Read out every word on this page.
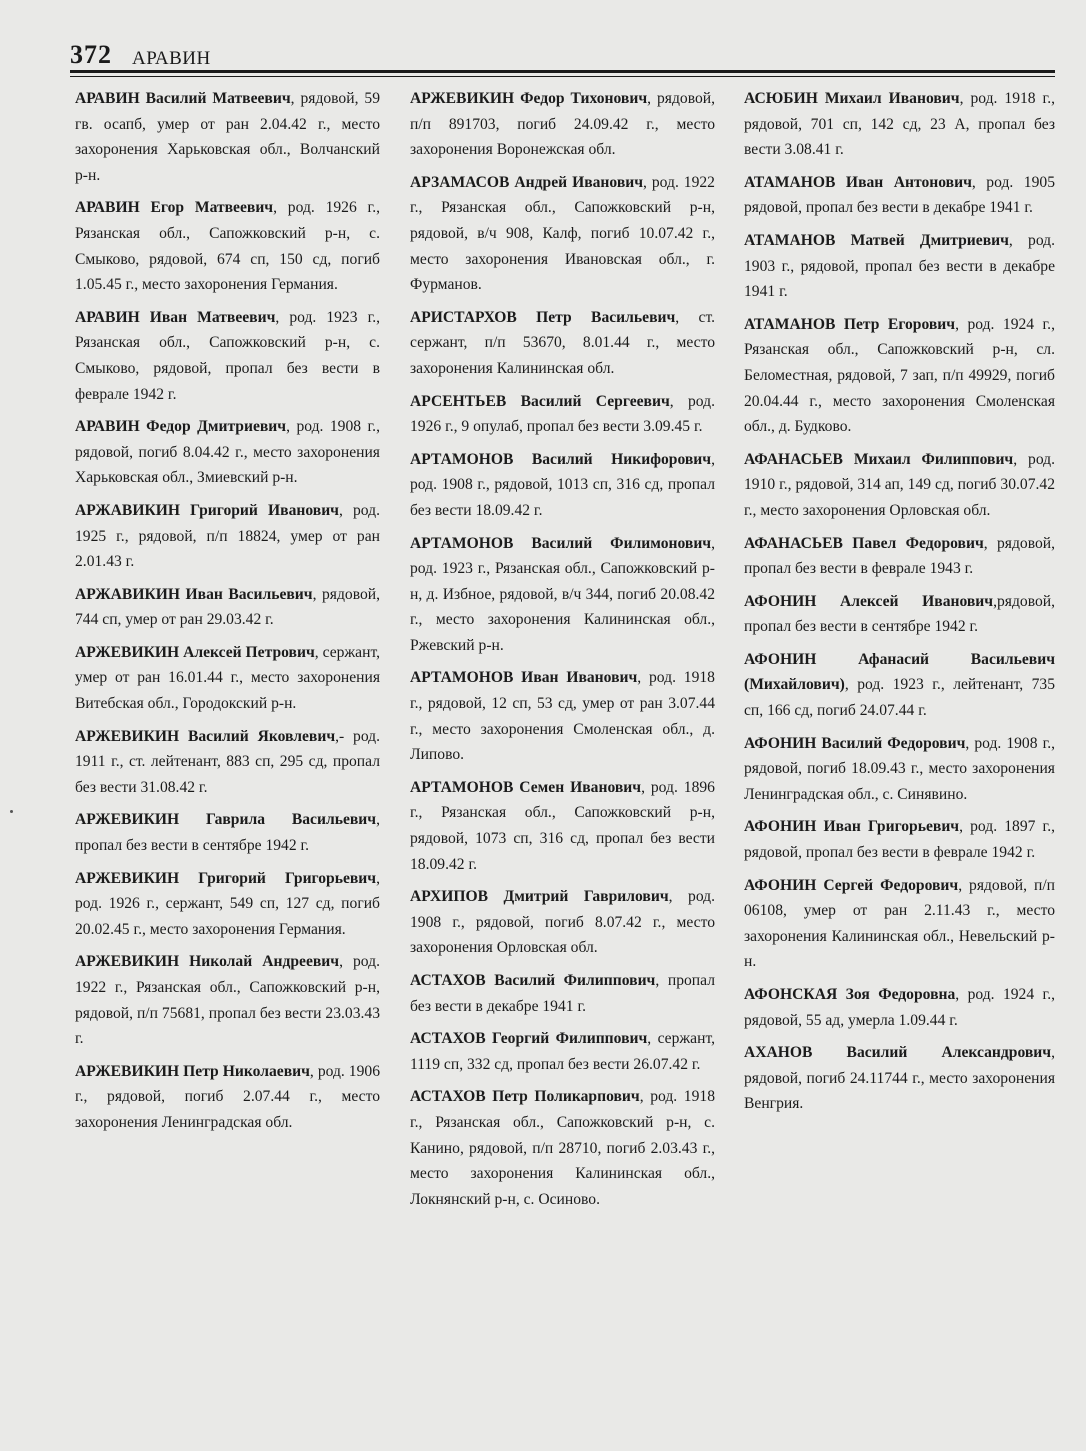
372 АРАВИН

АРАВИН Василий Матвеевич, рядовой, 59 гв. осапб, умер от ран 2.04.42 г., место захоронения Харьковская обл., Волчанский р-н.

АРАВИН Егор Матвеевич, род. 1926 г., Рязанская обл., Сапожковский р-н, с. Смыково, рядовой, 674 сп, 150 сд, погиб 1.05.45 г., место захоронения Германия.

АРАВИН Иван Матвеевич, род. 1923 г., Рязанская обл., Сапожковский р-н, с. Смыково, рядовой, пропал без вести в феврале 1942 г.

АРАВИН Федор Дмитриевич, род. 1908 г., рядовой, погиб 8.04.42 г., место захоронения Харьковская обл., Змиевский р-н.

АРЖАВИКИН Григорий Иванович, род. 1925 г., рядовой, п/п 18824, умер от ран 2.01.43 г.

АРЖАВИКИН Иван Васильевич, рядовой, 744 сп, умер от ран 29.03.42 г.

АРЖЕВИКИН Алексей Петрович, сержант, умер от ран 16.01.44 г., место захоронения Витебская обл., Городокский р-н.

АРЖЕВИКИН Василий Яковлевич,- род. 1911 г., ст. лейтенант, 883 сп, 295 сд, пропал без вести 31.08.42 г.

АРЖЕВИКИН Гаврила Васильевич, пропал без вести в сентябре 1942 г.

АРЖЕВИКИН Григорий Григорьевич, род. 1926 г., сержант, 549 сп, 127 сд, погиб 20.02.45 г., место захоронения Германия.

АРЖЕВИКИН Николай Андреевич, род. 1922 г., Рязанская обл., Сапожковский р-н, рядовой, п/п 75681, пропал без вести 23.03.43 г.

АРЖЕВИКИН Петр Николаевич, род. 1906 г., рядовой, погиб 2.07.44 г., место захоронения Ленинградская обл.

АРЖЕВИКИН Федор Тихонович, рядовой, п/п 891703, погиб 24.09.42 г., место захоронения Воронежская обл.

АРЗАМАСОВ Андрей Иванович, род. 1922 г., Рязанская обл., Сапожковский р-н, рядовой, в/ч 908, Калф, погиб 10.07.42 г., место захоронения Ивановская обл., г. Фурманов.

АРИСТАРХОВ Петр Васильевич, ст. сержант, п/п 53670, 8.01.44 г., место захоронения Калининская обл.

АРСЕНТЬЕВ Василий Сергеевич, род. 1926 г., 9 опулаб, пропал без вести 3.09.45 г.

АРТАМОНОВ Василий Никифорович, род. 1908 г., рядовой, 1013 сп, 316 сд, пропал без вести 18.09.42 г.

АРТАМОНОВ Василий Филимонович, род. 1923 г., Рязанская обл., Сапожковский р-н, д. Избное, рядовой, в/ч 344, погиб 20.08.42 г., место захоронения Калининская обл., Ржевский р-н.

АРТАМОНОВ Иван Иванович, род. 1918 г., рядовой, 12 сп, 53 сд, умер от ран 3.07.44 г., место захоронения Смоленская обл., д. Липово.

АРТАМОНОВ Семен Иванович, род. 1896 г., Рязанская обл., Сапожковский р-н, рядовой, 1073 сп, 316 сд, пропал без вести 18.09.42 г.

АРХИПОВ Дмитрий Гаврилович, род. 1908 г., рядовой, погиб 8.07.42 г., место захоронения Орловская обл.

АСТАХОВ Василий Филиппович, пропал без вести в декабре 1941 г.

АСТАХОВ Георгий Филиппович, сержант, 1119 сп, 332 сд, пропал без вести 26.07.42 г.

АСТАХОВ Петр Поликарпович, род. 1918 г., Рязанская обл., Сапожковский р-н, с. Канино, рядовой, п/п 28710, погиб 2.03.43 г., место захоронения Калининская обл., Локнянский р-н, с. Осиново.

АСЮБИН Михаил Иванович, род. 1918 г., рядовой, 701 сп, 142 сд, 23 А, пропал без вести 3.08.41 г.

АТАМАНОВ Иван Антонович, род. 1905 рядовой, пропал без вести в декабре 1941 г.

АТАМАНОВ Матвей Дмитриевич, род. 1903 г., рядовой, пропал без вести в декабре 1941 г.

АТАМАНОВ Петр Егорович, род. 1924 г., Рязанская обл., Сапожковский р-н, сл. Беломестная, рядовой, 7 зап, п/п 49929, погиб 20.04.44 г., место захоронения Смоленская обл., д. Будково.

АФАНАСЬЕВ Михаил Филиппович, род. 1910 г., рядовой, 314 ап, 149 сд, погиб 30.07.42 г., место захоронения Орловская обл.

АФАНАСЬЕВ Павел Федорович, рядовой, пропал без вести в феврале 1943 г.

АФОНИН Алексей Иванович,рядовой, пропал без вести в сентябре 1942 г.

АФОНИН Афанасий Васильевич (Михайлович), род. 1923 г., лейтенант, 735 сп, 166 сд, погиб 24.07.44 г.

АФОНИН Василий Федорович, род. 1908 г., рядовой, погиб 18.09.43 г., место захоронения Ленинградская обл., с. Синявино.

АФОНИН Иван Григорьевич, род. 1897 г., рядовой, пропал без вести в феврале 1942 г.

АФОНИН Сергей Федорович, рядовой, п/п 06108, умер от ран 2.11.43 г., место захоронения Калининская обл., Невельский р-н.

АФОНСКАЯ Зоя Федоровна, род. 1924 г., рядовой, 55 ад, умерла 1.09.44 г.

АХАНОВ Василий Александрович, рядовой, погиб 24.11744 г., место захоронения Венгрия.
